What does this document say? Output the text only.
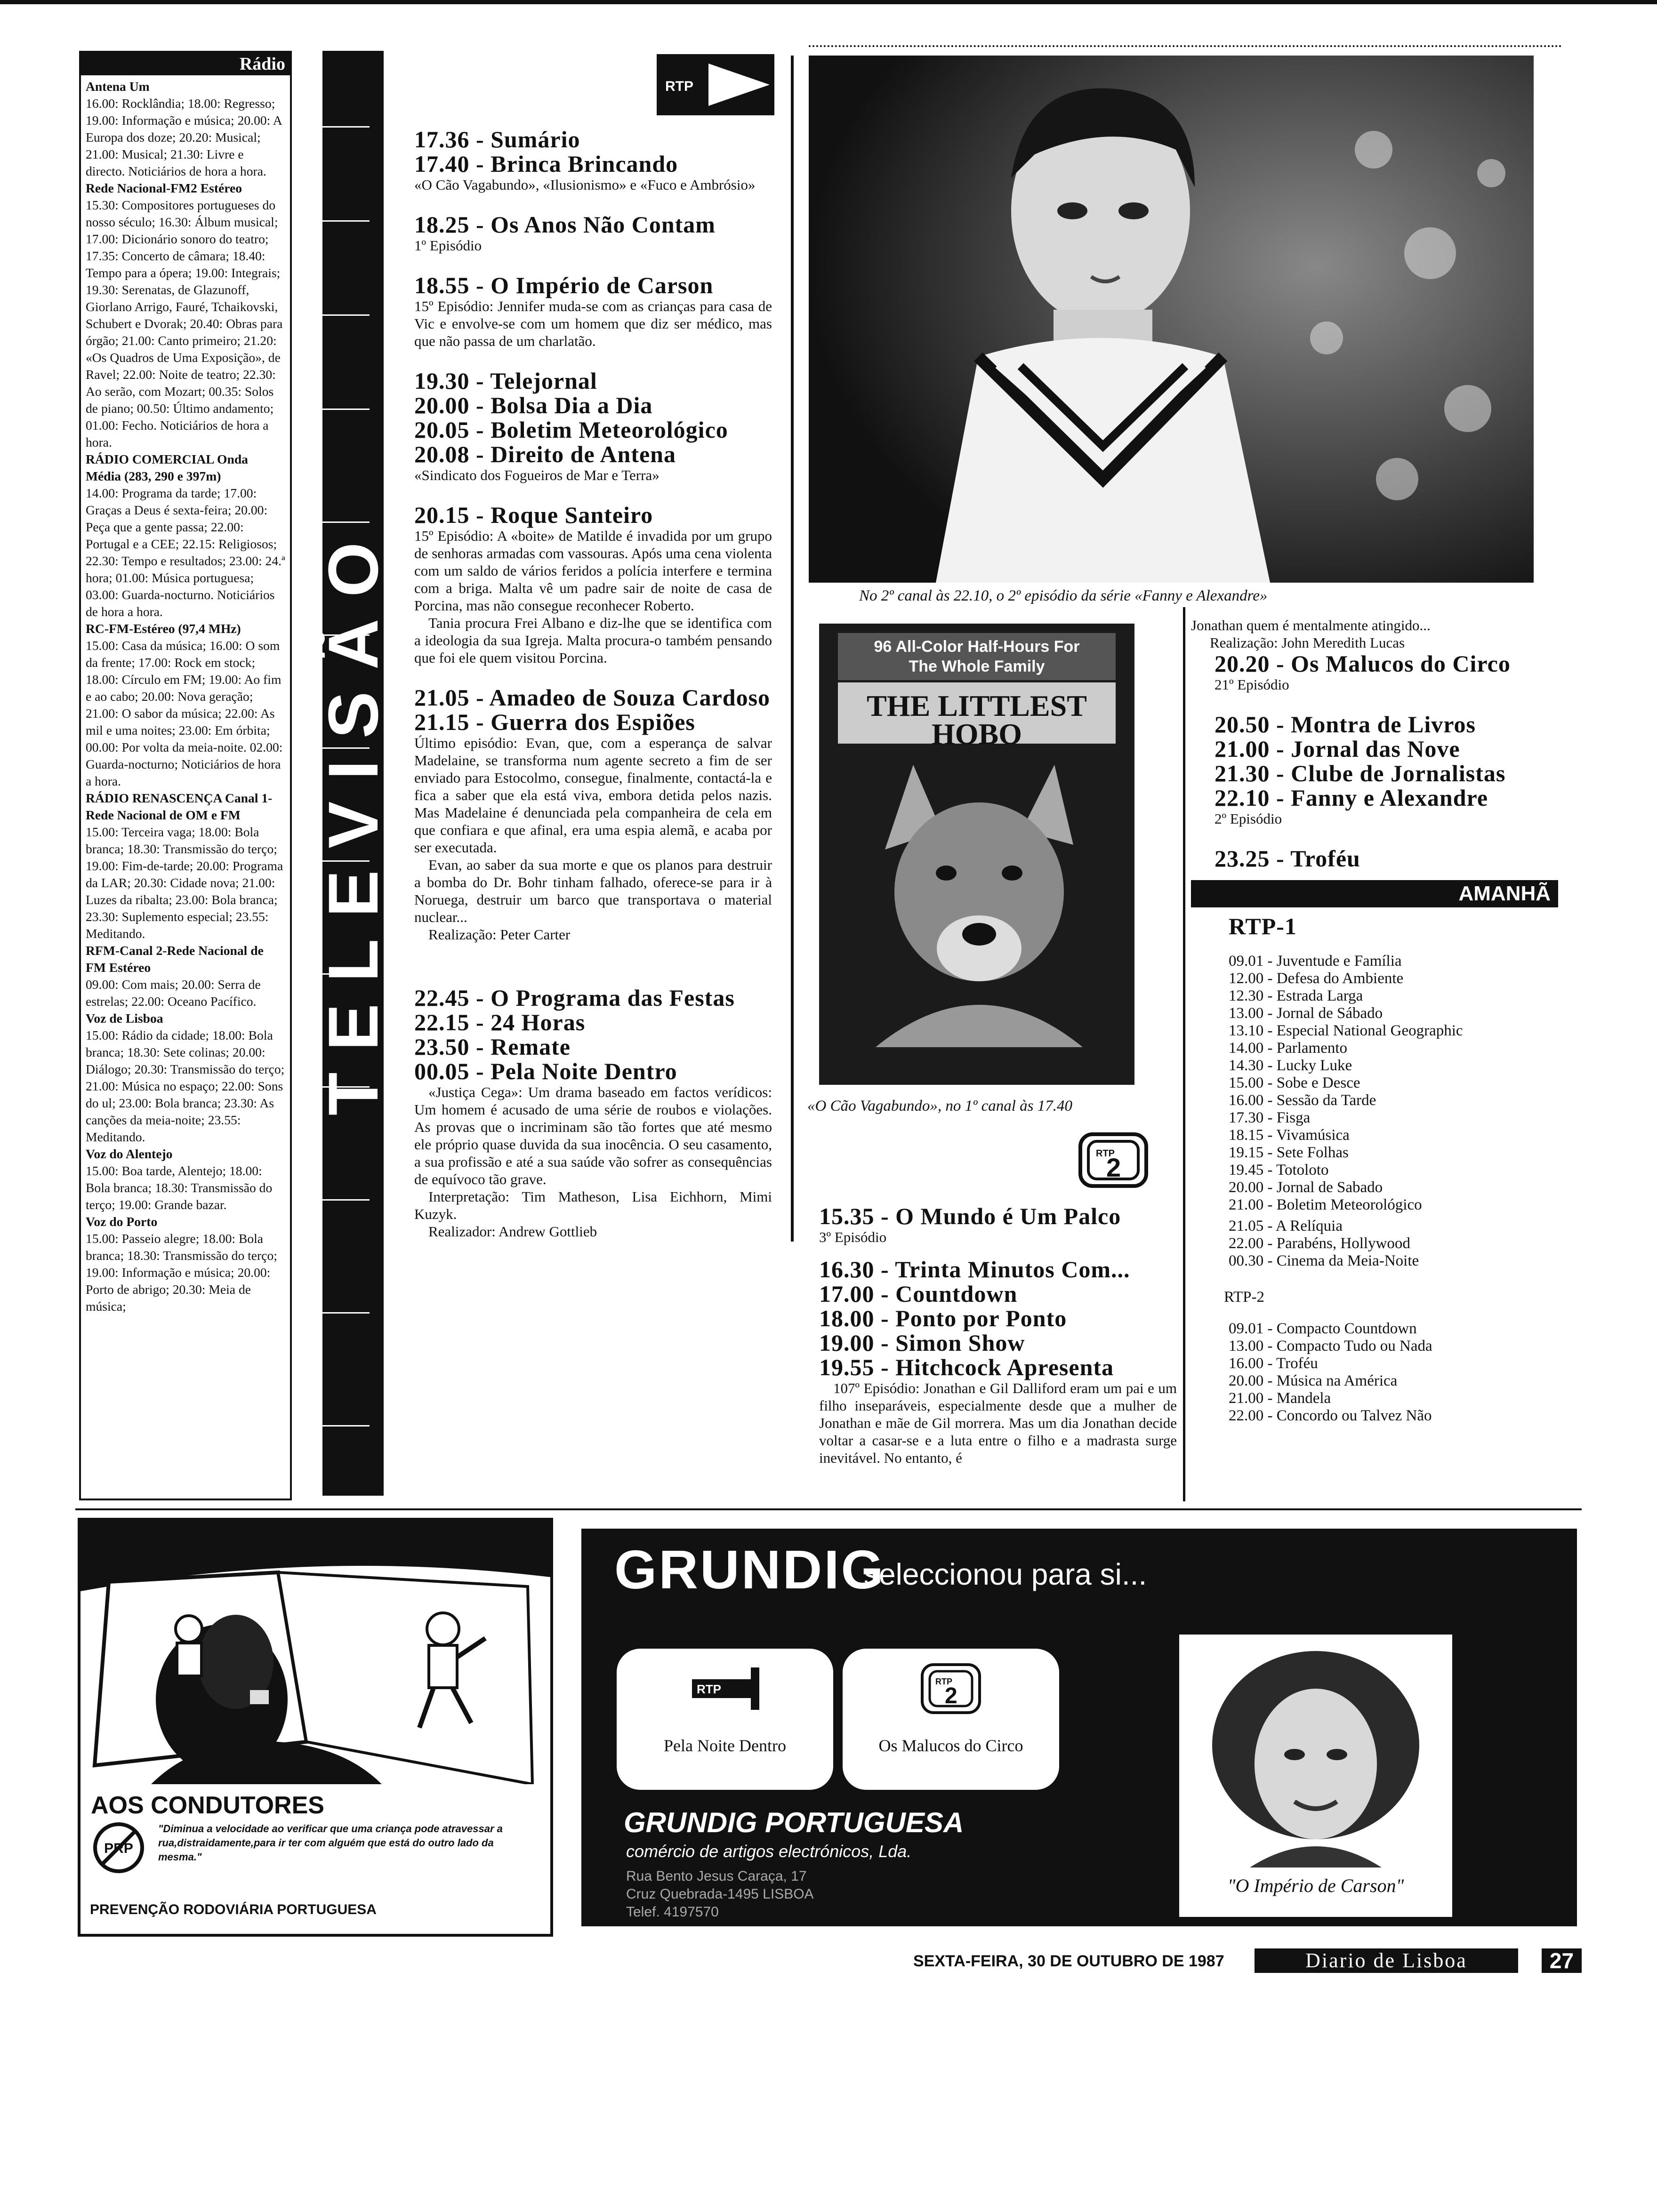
Rádio
Antena Um
16.00: Rocklândia; 18.00: Regresso; 19.00: Informação e música; 20.00: A Europa dos doze; 20.20: Musical; 21.00: Musical; 21.30: Livre e directo. Noticiários de hora a hora.
Rede Nacional-FM2 Estéreo
15.30: Compositores portugueses do nosso século; 16.30: Álbum musical; 17.00: Dicionário sonoro do teatro; 17.35: Concerto de câmara; 18.40: Tempo para a ópera; 19.00: Integrais; 19.30: Serenatas, de Glazunoff, Giorlano Arrigo, Fauré, Tchaikovski, Schubert e Dvorak; 20.40: Obras para órgão; 21.00: Canto primeiro; 21.20: «Os Quadros de Uma Exposição», de Ravel; 22.00: Noite de teatro; 22.30: Ao serão, com Mozart; 00.35: Solos de piano; 00.50: Último andamento; 01.00: Fecho. Noticiários de hora a hora.
RÁDIO COMERCIAL Onda Média (283, 290 e 397m)
14.00: Programa da tarde; 17.00: Graças a Deus é sexta-feira; 20.00: Peça que a gente passa; 22.00: Portugal e a CEE; 22.15: Religiosos; 22.30: Tempo e resultados; 23.00: 24.ª hora; 01.00: Música portuguesa; 03.00: Guarda-nocturno. Noticiários de hora a hora.
RC-FM-Estéreo (97,4 MHz)
15.00: Casa da música; 16.00: O som da frente; 17.00: Rock em stock; 18.00: Círculo em FM; 19.00: Ao fim e ao cabo; 20.00: Nova geração; 21.00: O sabor da música; 22.00: As mil e uma noites; 23.00: Em órbita; 00.00: Por volta da meia-noite. 02.00: Guarda-nocturno; Noticiários de hora a hora.
RÁDIO RENASCENÇA Canal 1-Rede Nacional de OM e FM
15.00: Terceira vaga; 18.00: Bola branca; 18.30: Transmissão do terço; 19.00: Fim-de-tarde; 20.00: Programa da LAR; 20.30: Cidade nova; 21.00: Luzes da ribalta; 23.00: Bola branca; 23.30: Suplemento especial; 23.55: Meditando.
RFM-Canal 2-Rede Nacional de FM Estéreo
09.00: Com mais; 20.00: Serra de estrelas; 22.00: Oceano Pacífico.
Voz de Lisboa
15.00: Rádio da cidade; 18.00: Bola branca; 18.30: Sete colinas; 20.00: Diálogo; 20.30: Transmissão do terço; 21.00: Música no espaço; 22.00: Sons do ul; 23.00: Bola branca; 23.30: As canções da meia-noite; 23.55: Meditando.
Voz do Alentejo
15.00: Boa tarde, Alentejo; 18.00: Bola branca; 18.30: Transmissão do terço; 19.00: Grande bazar.
Voz do Porto
15.00: Passeio alegre; 18.00: Bola branca; 18.30: Transmissão do terço; 19.00: Informação e música; 20.00: Porto de abrigo; 20.30: Meia de música;
TELEVISÃO
RTP
17.36 - Sumário
17.40 - Brinca Brincando
«O Cão Vagabundo», «Ilusionismo» e «Fuco e Ambrósio»
18.25 - Os Anos Não Contam
1º Episódio
18.55 - O Império de Carson
15º Episódio: Jennifer muda-se com as crianças para casa de Vic e envolve-se com um homem que diz ser médico, mas que não passa de um charlatão.
19.30 - Telejornal
20.00 - Bolsa Dia a Dia
20.05 - Boletim Meteorológico
20.08 - Direito de Antena
«Sindicato dos Fogueiros de Mar e Terra»
20.15 - Roque Santeiro
15º Episódio: A «boite» de Matilde é invadida por um grupo de senhoras armadas com vassouras. Após uma cena violenta com um saldo de vários feridos a polícia interfere e termina com a briga. Malta vê um padre sair de noite de casa de Porcina, mas não consegue reconhecer Roberto.
Tania procura Frei Albano e diz-lhe que se identifica com a ideologia da sua Igreja. Malta procura-o também pensando que foi ele quem visitou Porcina.
21.05 - Amadeo de Souza Cardoso
21.15 - Guerra dos Espiões
Último episódio: Evan, que, com a esperança de salvar Madelaine, se transforma num agente secreto a fim de ser enviado para Estocolmo, consegue, finalmente, contactá-la e fica a saber que ela está viva, embora detida pelos nazis. Mas Madelaine é denunciada pela companheira de cela em que confiara e que afinal, era uma espia alemã, e acaba por ser executada.
Evan, ao saber da sua morte e que os planos para destruir a bomba do Dr. Bohr tinham falhado, oferece-se para ir à Noruega, destruir um barco que transportava o material nuclear...
Realização: Peter Carter
22.45 - O Programa das Festas
22.15 - 24 Horas
23.50 - Remate
00.05 - Pela Noite Dentro
«Justiça Cega»: Um drama baseado em factos verídicos: Um homem é acusado de uma série de roubos e violações. As provas que o incriminam são tão fortes que até mesmo ele próprio quase duvida da sua inocência. O seu casamento, a sua profissão e até a sua saúde vão sofrer as consequências de equívoco tão grave.
Interpretação: Tim Matheson, Lisa Eichhorn, Mimi Kuzyk.
Realizador: Andrew Gottlieb
No 2º canal às 22.10, o 2º episódio da série «Fanny e Alexandre»
96 All-Color Half-Hours For The Whole Family
THE LITTLEST HOBO
«O Cão Vagabundo», no 1º canal às 17.40
RTP
2
15.35 - O Mundo é Um Palco
3º Episódio
16.30 - Trinta Minutos Com...
17.00 - Countdown
18.00 - Ponto por Ponto
19.00 - Simon Show
19.55 - Hitchcock Apresenta
107º Episódio: Jonathan e Gil Dalliford eram um pai e um filho inseparáveis, especialmente desde que a mulher de Jonathan e mãe de Gil morrera. Mas um dia Jonathan decide voltar a casar-se e a luta entre o filho e a madrasta surge inevitável. No entanto, é
Jonathan quem é mentalmente atingido...
Realização: John Meredith Lucas
20.20 - Os Malucos do Circo
21º Episódio
20.50 - Montra de Livros
21.00 - Jornal das Nove
21.30 - Clube de Jornalistas
22.10 - Fanny e Alexandre
2º Episódio
23.25 - Troféu
AMANHÃ
RTP-1
09.01 - Juventude e Família
12.00 - Defesa do Ambiente
12.30 - Estrada Larga
13.00 - Jornal de Sábado
13.10 - Especial National Geographic
14.00 - Parlamento
14.30 - Lucky Luke
15.00 - Sobe e Desce
16.00 - Sessão da Tarde
17.30 - Fisga
18.15 - Vivamúsica
19.15 - Sete Folhas
19.45 - Totoloto
20.00 - Jornal de Sabado
21.00 - Boletim Meteorológico
21.05 - A Relíquia
22.00 - Parabéns, Hollywood
00.30 - Cinema da Meia-Noite
RTP-2
09.01 - Compacto Countdown
13.00 - Compacto Tudo ou Nada
16.00 - Troféu
20.00 - Música na América
21.00 - Mandela
22.00 - Concordo ou Talvez Não
AOS CONDUTORES
PRP
"Diminua a velocidade ao verificar que uma criança pode atravessar a rua,distraidamente,para ir ter com alguém que está do outro lado da mesma."
PREVENÇÃO RODOVIÁRIA PORTUGUESA
GRUNDIG
seleccionou para si...
RTP
Pela Noite Dentro
RTP
2
Os Malucos do Circo
GRUNDIG PORTUGUESA
comércio de artigos electrónicos, Lda.
Rua Bento Jesus Caraça, 17
Cruz Quebrada-1495 LISBOA
Telef. 4197570
"O Império de Carson"
SEXTA-FEIRA, 30 DE OUTUBRO DE 1987	Diario de Lisboa	27
